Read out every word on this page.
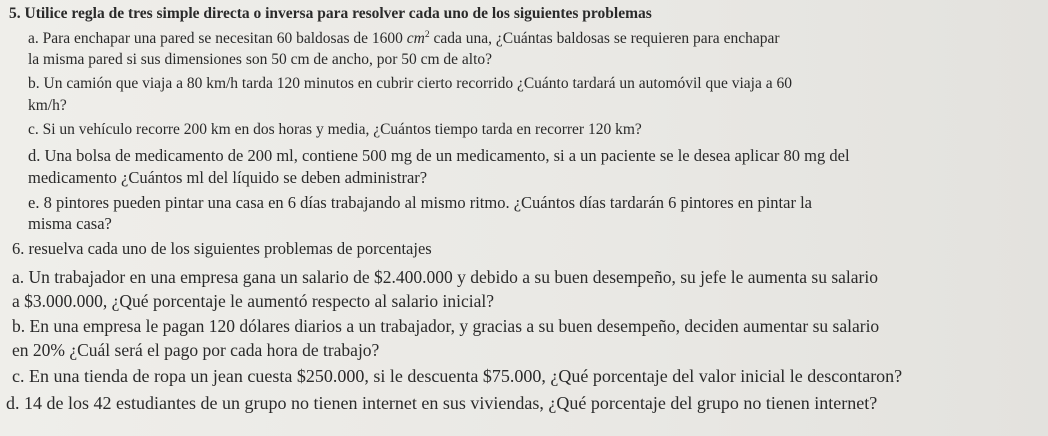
5. Utilice regla de tres simple directa o inversa para resolver cada uno de los siguientes problemas
a. Para enchapar una pared se necesitan 60 baldosas de 1600 $cm^2$ cada una, ¿Cuántas baldosas se requieren para enchapar
la misma pared si sus dimensiones son 50 cm de ancho, por 50 cm de alto?
b. Un camión que viaja a 80 km/h tarda 120 minutos en cubrir cierto recorrido ¿Cuánto tardará un automóvil que viaja a 60
km/h?
c. Si un vehículo recorre 200 km en dos horas y media, ¿Cuántos tiempo tarda en recorrer 120 km?
d. Una bolsa de medicamento de 200 ml, contiene 500 mg de un medicamento, si a un paciente se le desea aplicar 80 mg del
medicamento ¿Cuántos ml del líquido se deben administrar?
e. 8 pintores pueden pintar una casa en 6 días trabajando al mismo ritmo. ¿Cuántos días tardarán 6 pintores en pintar la
misma casa?
6. resuelva cada uno de los siguientes problemas de porcentajes
a. Un trabajador en una empresa gana un salario de $2.400.000 y debido a su buen desempeño, su jefe le aumenta su salario
a $3.000.000, ¿Qué porcentaje le aumentó respecto al salario inicial?
b. En una empresa le pagan 120 dólares diarios a un trabajador, y gracias a su buen desempeño, deciden aumentar su salario
en 20% ¿Cuál será el pago por cada hora de trabajo?
c. En una tienda de ropa un jean cuesta $250.000, si le descuenta $75.000, ¿Qué porcentaje del valor inicial le descontaron?
d. 14 de los 42 estudiantes de un grupo no tienen internet en sus viviendas, ¿Qué porcentaje del grupo no tienen internet?
